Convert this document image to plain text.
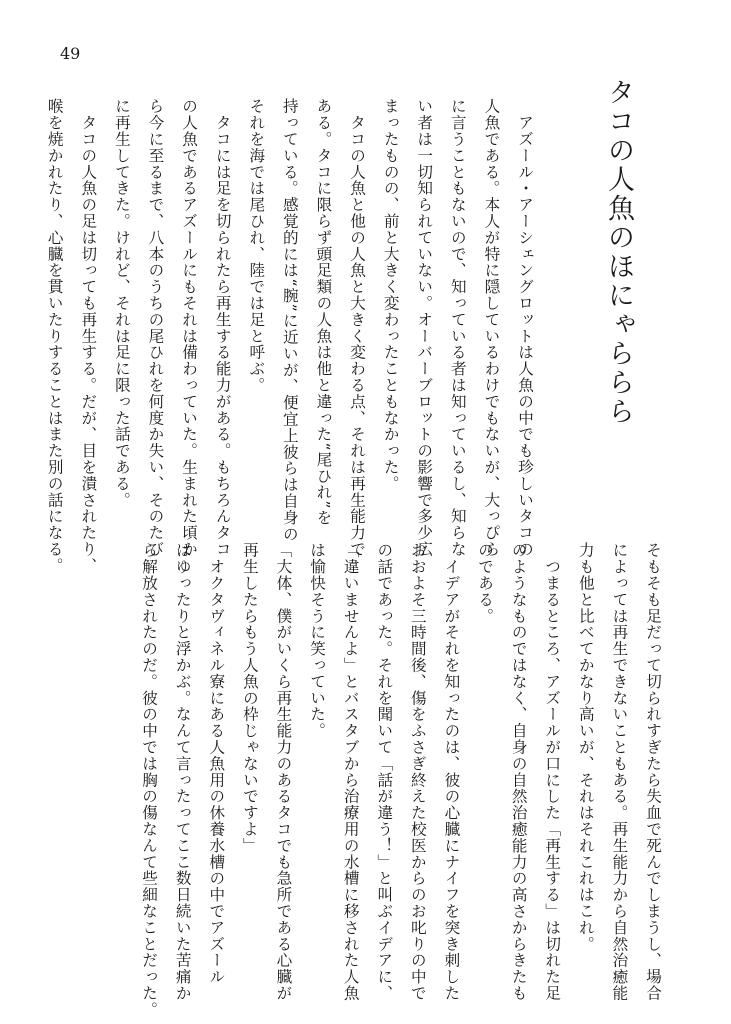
49
タコの人魚のほにゃららら
　アズール・アーシェングロットは人魚の中でも珍しいタコの
人魚である。本人が特に隠しているわけでもないが、大っぴら
に言うこともないので、知っている者は知っているし、知らな
い者は一切知られていない。オーバーブロットの影響で多少広
まったものの、前と大きく変わったこともなかった。
　タコの人魚と他の人魚と大きく変わる点、それは再生能力で
ある。タコに限らず頭足類の人魚は他と違った“尾ひれ”を
持っている。感覚的には“腕”に近いが、便宜上彼らは自身の
それを海では尾ひれ、陸では足と呼ぶ。
　タコには足を切られたら再生する能力がある。もちろんタコ
の人魚であるアズールにもそれは備わっていた。生まれた頃か
ら今に至るまで、八本のうちの尾ひれを何度か失い、そのたび
に再生してきた。けれど、それは足に限った話である。
　タコの人魚の足は切っても再生する。だが、目を潰されたり、
喉を焼かれたり、心臓を貫いたりすることはまた別の話になる。
そもそも足だって切られすぎたら失血で死んでしまうし、場合
によっては再生できないこともある。再生能力から自然治癒能
力も他と比べてかなり高いが、それはそれこれはこれ。
　つまるところ、アズールが口にした「再生する」は切れた足
のようなものではなく、自身の自然治癒能力の高さからきたも
のである。
　イデアがそれを知ったのは、彼の心臓にナイフを突き刺した
おおよそ三時間後、傷をふさぎ終えた校医からのお叱りの中で
の話であった。それを聞いて「話が違う！」と叫ぶイデアに、
「違いませんよ」とバスタブから治療用の水槽に移された人魚
は愉快そうに笑っていた。
「大体、僕がいくら再生能力のあるタコでも急所である心臓が
再生したらもう人魚の枠じゃないですよ」
　オクタヴィネル寮にある人魚用の休養水槽の中でアズール
はゆったりと浮かぶ。なんて言ったってここ数日続いた苦痛か
ら解放されたのだ。彼の中では胸の傷なんて些細なことだった。
